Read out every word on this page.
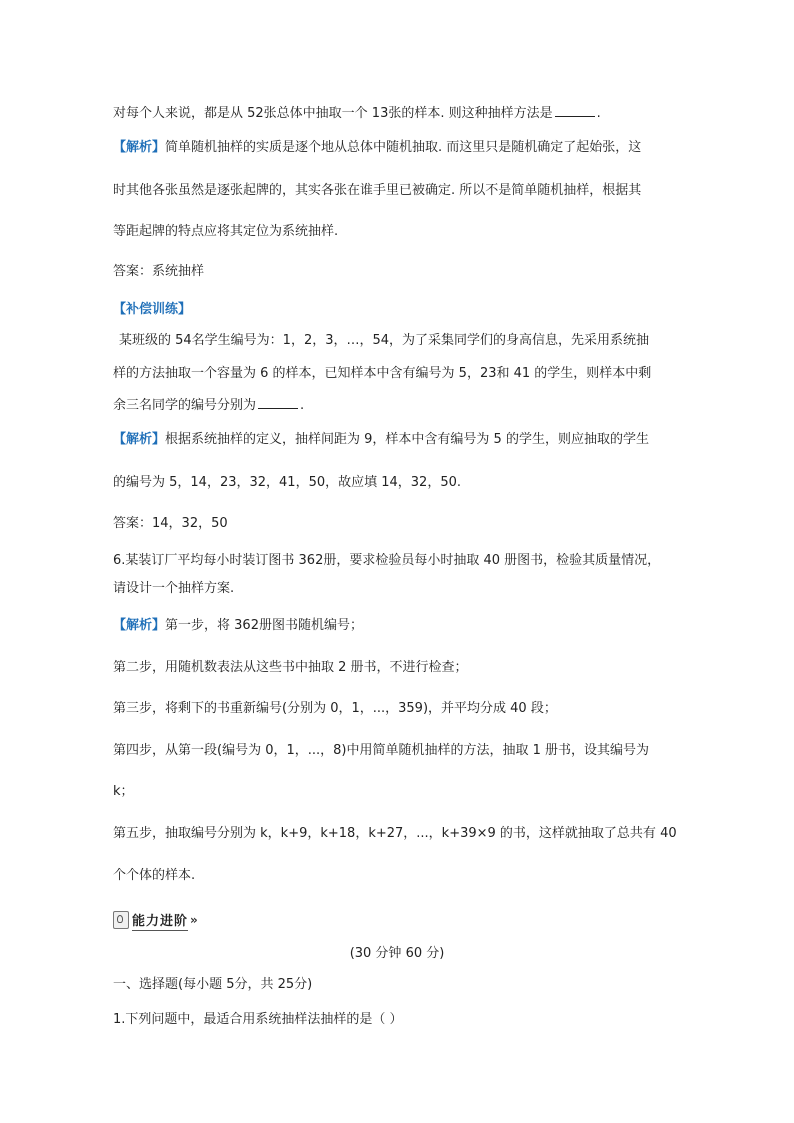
对每个人来说，都是从 52张总体中抽取一个 13张的样本. 则这种抽样方法是	.
【解析】简单随机抽样的实质是逐个地从总体中随机抽取. 而这里只是随机确定了起始张，这
时其他各张虽然是逐张起牌的，其实各张在谁手里已被确定. 所以不是简单随机抽样，根据其
等距起牌的特点应将其定位为系统抽样.
答案：系统抽样
【补偿训练】
某班级的 54名学生编号为：1，2，3，…，54，为了采集同学们的身高信息，先采用系统抽
样的方法抽取一个容量为 6 的样本，已知样本中含有编号为 5，23和 41 的学生，则样本中剩
余三名同学的编号分别为	.
【解析】根据系统抽样的定义，抽样间距为 9，样本中含有编号为 5 的学生，则应抽取的学生
的编号为 5，14，23，32，41，50，故应填 14，32，50.
答案：14，32，50
6.某装订厂平均每小时装订图书 362册，要求检验员每小时抽取 40 册图书，检验其质量情况，
请设计一个抽样方案.
【解析】第一步，将 362册图书随机编号；
第二步，用随机数表法从这些书中抽取 2 册书，不进行检查；
第三步，将剩下的书重新编号(分别为 0，1，...，359)，并平均分成 40 段；
第四步，从第一段(编号为 0，1，...，8)中用简单随机抽样的方法，抽取 1 册书，设其编号为
k；
第五步，抽取编号分别为 k，k+9，k+18，k+27，...，k+39×9 的书，这样就抽取了总共有 40
个个体的样本.
能力进阶 »
(30 分钟 60 分)
一、选择题(每小题 5分，共 25分)
1.下列问题中，最适合用系统抽样法抽样的是（ ）
